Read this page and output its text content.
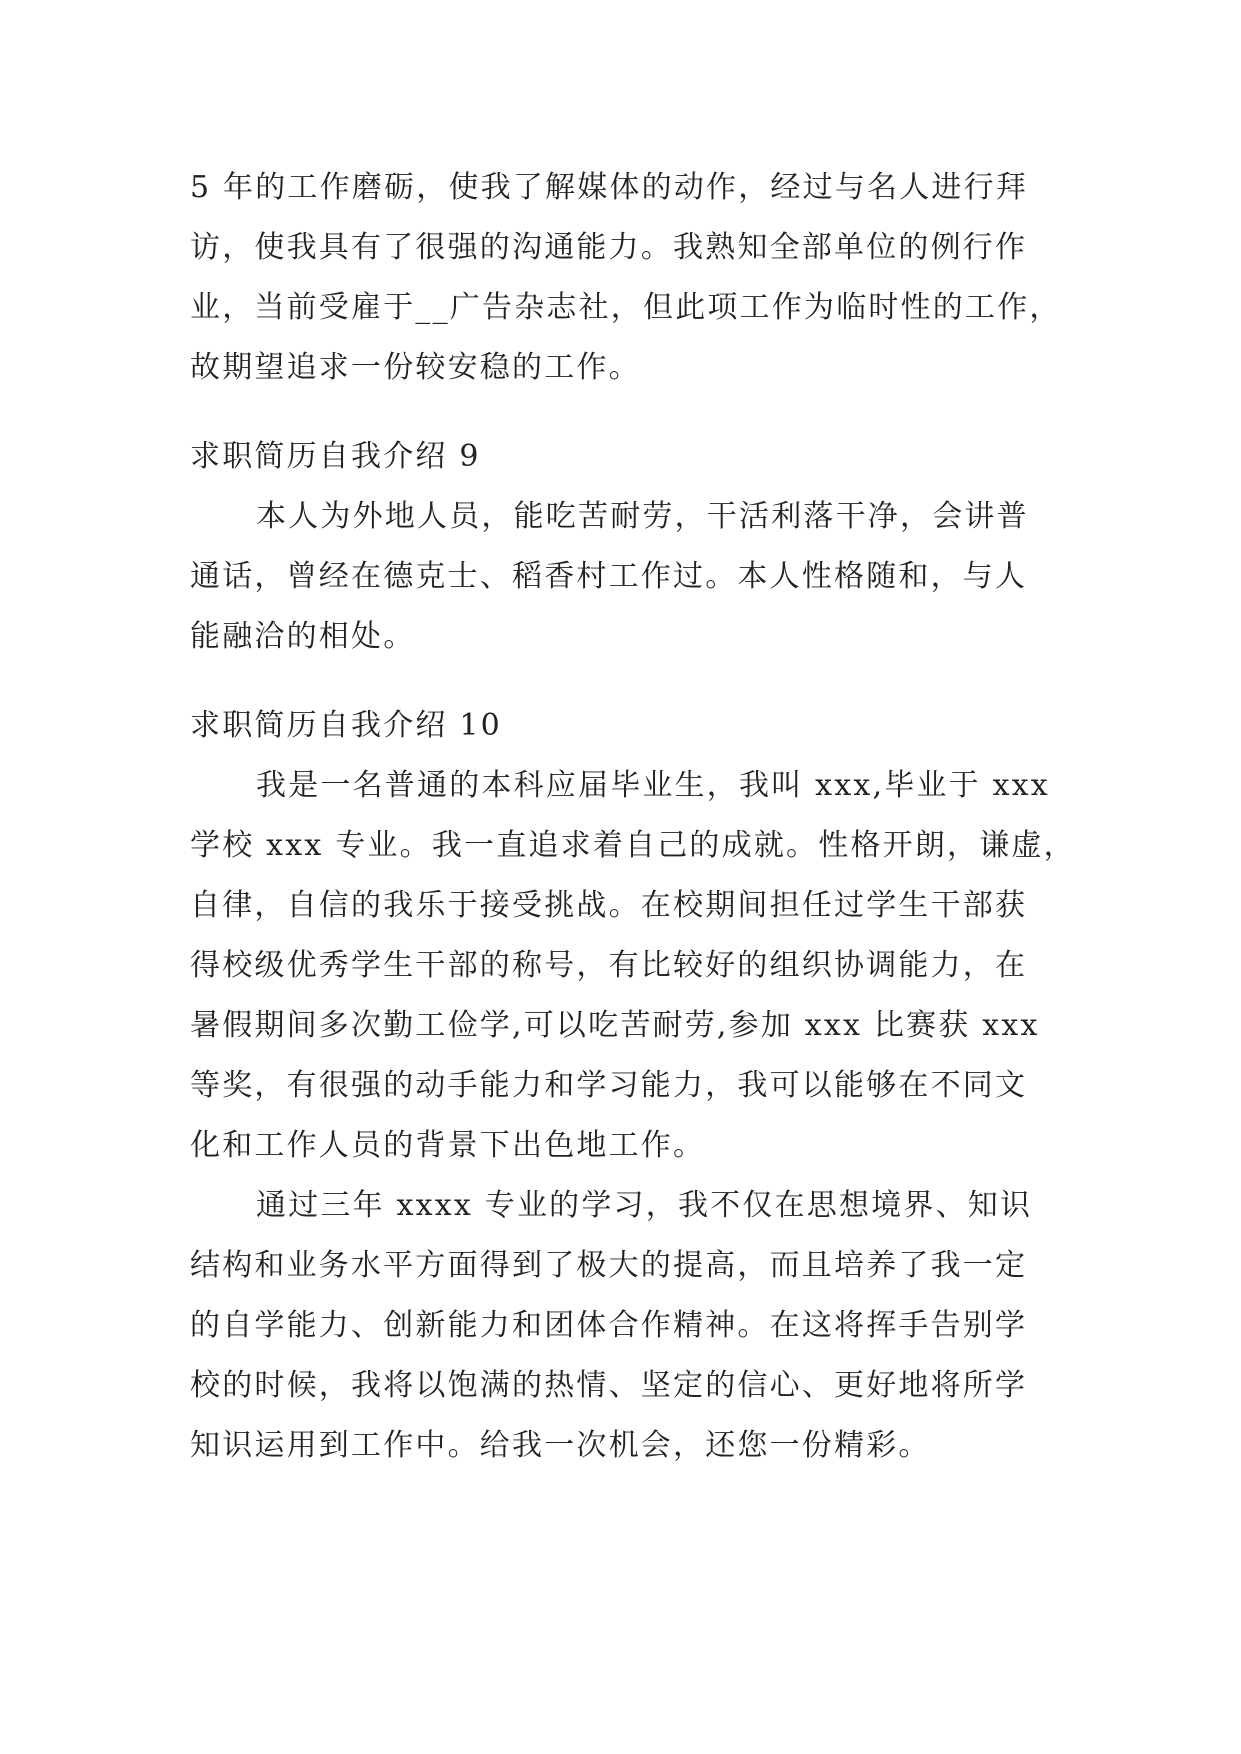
5 年的工作磨砺，使我了解媒体的动作，经过与名人进行拜
访，使我具有了很强的沟通能力。我熟知全部单位的例行作
业，当前受雇于__广告杂志社，但此项工作为临时性的工作，
故期望追求一份较安稳的工作。
求职简历自我介绍 9
本人为外地人员，能吃苦耐劳，干活利落干净，会讲普
通话，曾经在德克士、稻香村工作过。本人性格随和，与人
能融洽的相处。
求职简历自我介绍 10
我是一名普通的本科应届毕业生，我叫 xxx,毕业于 xxx
学校 xxx 专业。我一直追求着自己的成就。性格开朗，谦虚，
自律，自信的我乐于接受挑战。在校期间担任过学生干部获
得校级优秀学生干部的称号，有比较好的组织协调能力，在
暑假期间多次勤工俭学,可以吃苦耐劳,参加 xxx 比赛获 xxx
等奖，有很强的动手能力和学习能力，我可以能够在不同文
化和工作人员的背景下出色地工作。
通过三年 xxxx 专业的学习，我不仅在思想境界、知识
结构和业务水平方面得到了极大的提高，而且培养了我一定
的自学能力、创新能力和团体合作精神。在这将挥手告别学
校的时候，我将以饱满的热情、坚定的信心、更好地将所学
知识运用到工作中。给我一次机会，还您一份精彩。
